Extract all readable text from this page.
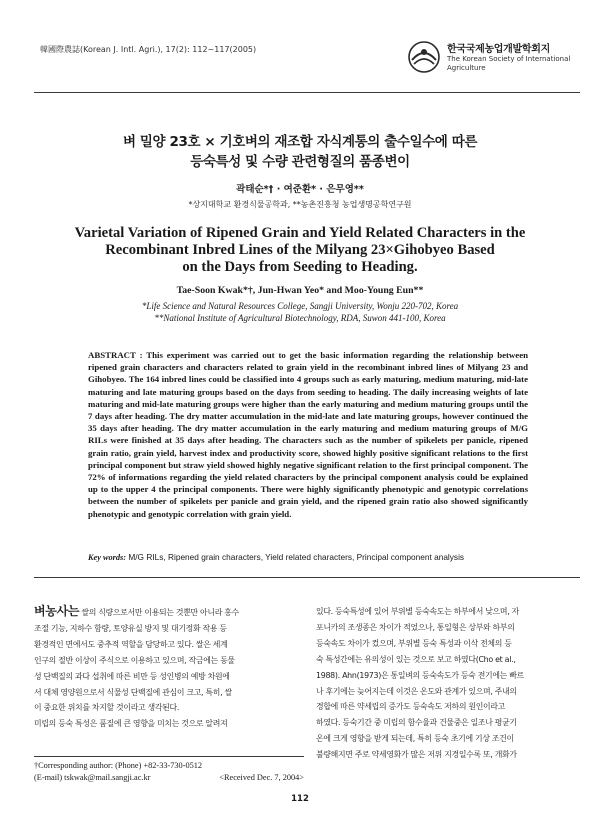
韓國際農誌(Korean J. Intl. Agri.), 17(2): 112~117(2005)	한국국제농업개발학회지
The Korean Society of International
Agriculture
벼 밀양 23호 × 기호벼의 재조합 자식계통의 출수일수에 따른
등숙특성 및 수량 관련형질의 품종변이
곽태순*† · 여준환* · 은무영**
*상지대학교 환경식물공학과, **농촌진흥청 농업생명공학연구원
Varietal Variation of Ripened Grain and Yield Related Characters in the
Recombinant Inbred Lines of the Milyang 23×Gihobyeo Based
on the Days from Seeding to Heading.
Tae-Soon Kwak*†, Jun-Hwan Yeo* and Moo-Young Eun**
*Life Science and Natural Resources College, Sangji University, Wonju 220-702, Korea
**National Institute of Agricultural Biotechnology, RDA, Suwon 441-100, Korea
ABSTRACT : This experiment was carried out to get the basic information regarding the relationship between ripened grain characters and characters related to grain yield in the recombinant inbred lines of Milyang 23 and Gihobyeo. The 164 inbred lines could be classified into 4 groups such as early maturing, medium maturing, mid-late maturing and late maturing groups based on the days from seeding to heading. The daily increasing weights of late maturing and mid-late maturing groups were higher than the early maturing and medium maturing groups until the 7 days after heading. The dry matter accumulation in the mid-late and late maturing groups, however continued the 35 days after heading. The dry matter accumulation in the early maturing and medium maturing groups of M/G RILs were finished at 35 days after heading. The characters such as the number of spikelets per panicle, ripened grain ratio, grain yield, harvest index and productivity score, showed highly positive significant relations to the first principal component but straw yield showed highly negative significant relation to the first principal component. The 72% of informations regarding the yield related characters by the principal component analysis could be explained up to the upper 4 the principal components. There were highly significantly phenotypic and genotypic correlations between the number of spikelets per panicle and grain yield, and the ripened grain ratio also showed significantly phenotypic and genotypic correlation with grain yield.
Key words: M/G RILs, Ripened grain characters, Yield related characters, Principal component analysis
벼농사는 쌀의 식량으로서만 이용되는 것뿐만 아니라 홍수
조절 기능, 지하수 함량, 토양유실 방지 및 대기정화 작용 등
환경적인 면에서도 중추적 역할을 담당하고 있다. 쌀은 세계
인구의 절반 이상이 주식으로 이용하고 있으며, 작금에는 동물
성 단백질의 과다 섭취에 따른 비만 등 성인병의 예방 차원에
서 대체 영양원으로서 식물성 단백질에 관심이 크고, 특히, 쌀
이 중요한 위치를 차지할 것이라고 생각된다.
미립의 등숙 특성은 품질에 큰 영향을 미치는 것으로 알려져
†Corresponding author: (Phone) +82-33-730-0512
(E-mail) tskwak@mail.sangji.ac.kr	<Received Dec. 7, 2004>
있다. 등숙특성에 있어 부위별 등숙속도는 하부에서 낮으며, 자
포니카의 조생종은 차이가 적었으나, 통일형은 상부와 하부의
등숙속도 차이가 컸으며, 부위별 등숙 특성과 이삭 전체의 등
숙 특성간에는 유의성이 있는 것으로 보고 하였다(Cho et al.,
1988). Ahn(1973)은 통일벼의 등숙속도가 등숙 전기에는 빠르
나 후기에는 늦어지는데 이것은 온도와 관계가 있으며, 주내의
경합에 따른 약세립의 증가도 등숙속도 저하의 원인이라고
하였다. 등숙기간 중 미립의 함수율과 건물중은 일조나 평균기
온에 크게 영향을 받게 되는데, 특히 등숙 초기에 기상 조건이
불량해지면 주로 약세영화가 많은 저위 지경일수록 또, 개화가
112
